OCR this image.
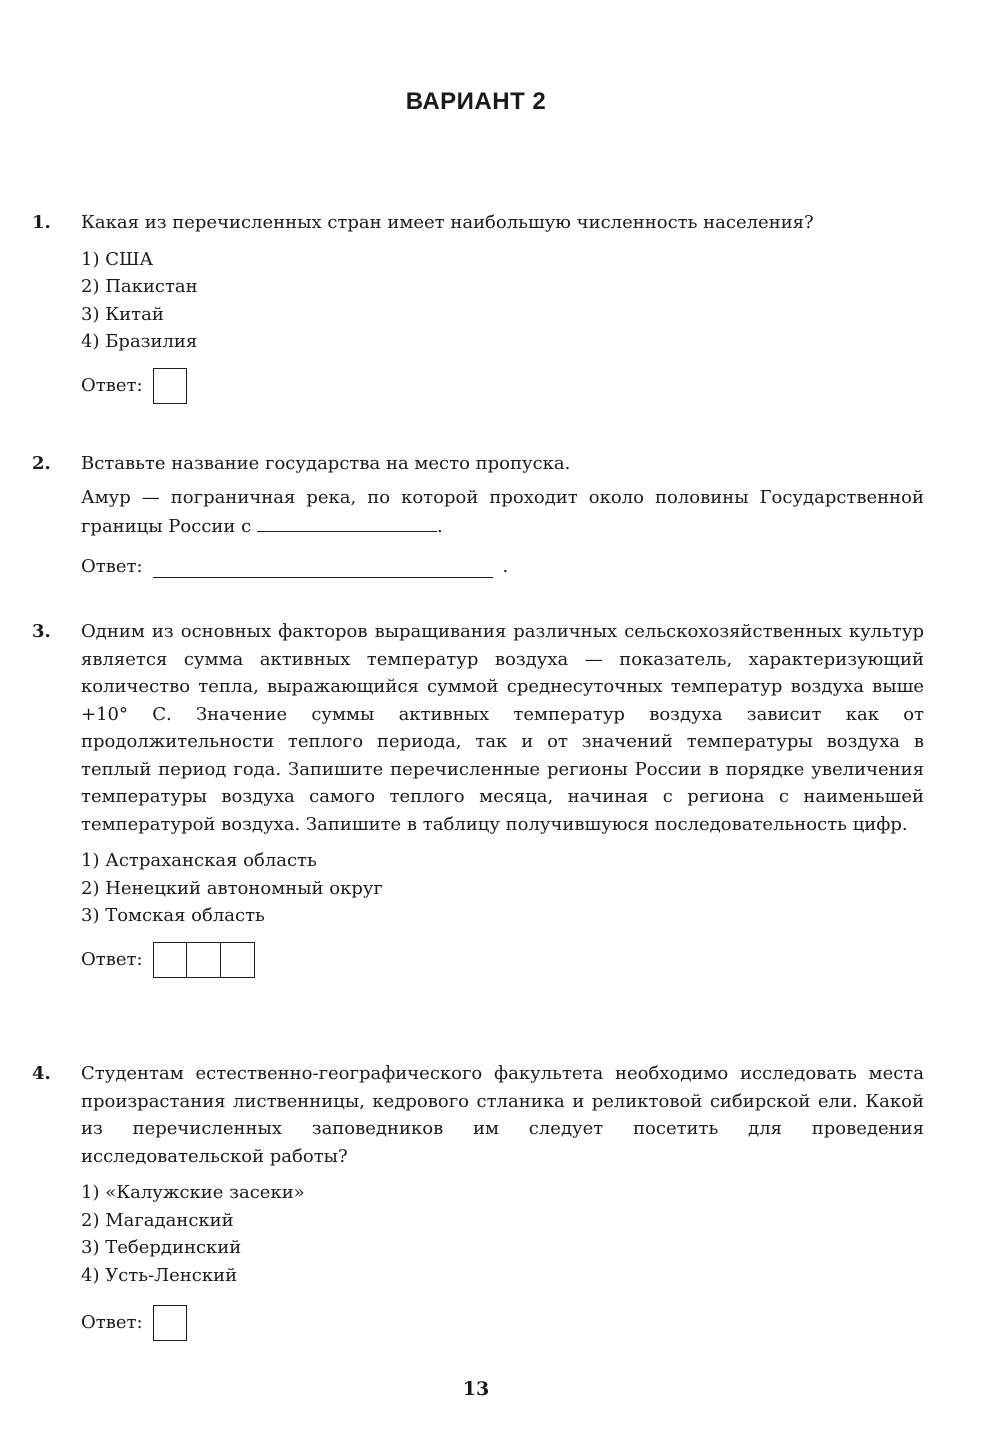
ВАРИАНТ 2
1. Какая из перечисленных стран имеет наибольшую численность населения?
1) США
2) Пакистан
3) Китай
4) Бразилия
Ответ:
2. Вставьте название государства на место пропуска.
Амур — пограничная река, по которой проходит около половины Государственной границы России с	.
Ответ:	.
3. Одним из основных факторов выращивания различных сельскохозяйственных культур является сумма активных температур воздуха — показатель, характеризующий количество тепла, выражающийся суммой среднесуточных температур воздуха выше +10° С. Значение суммы активных температур воздуха зависит как от продолжительности теплого периода, так и от значений температуры воздуха в теплый период года. Запишите перечисленные регионы России в порядке увеличения температуры воздуха самого теплого месяца, начиная с региона с наименьшей температурой воздуха. Запишите в таблицу получившуюся последовательность цифр.
1) Астраханская область
2) Ненецкий автономный округ
3) Томская область
Ответ:
4. Студентам естественно-географического факультета необходимо исследовать места произрастания лиственницы, кедрового стланика и реликтовой сибирской ели. Какой из перечисленных заповедников им следует посетить для проведения исследовательской работы?
1) «Калужские засеки»
2) Магаданский
3) Тебердинский
4) Усть-Ленский
Ответ:
13
